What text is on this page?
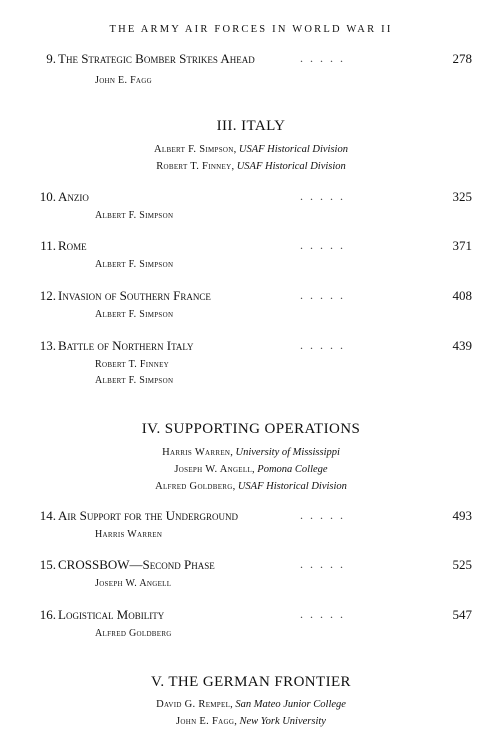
THE ARMY AIR FORCES IN WORLD WAR II
9. The Strategic Bomber Strikes Ahead	. . . . .	278
John E. Fagg
III. ITALY
Albert F. Simpson, USAF Historical Division
Robert T. Finney, USAF Historical Division
10. Anzio	. . . . .	325
Albert F. Simpson
11. Rome	. . . . .	371
Albert F. Simpson
12. Invasion of Southern France	. . . . .	408
Albert F. Simpson
13. Battle of Northern Italy	. . . . .	439
Robert T. Finney
Albert F. Simpson
IV. SUPPORTING OPERATIONS
Harris Warren, University of Mississippi
Joseph W. Angell, Pomona College
Alfred Goldberg, USAF Historical Division
14. Air Support for the Underground	. . . . .	493
Harris Warren
15. CROSSBOW—Second Phase	. . . . .	525
Joseph W. Angell
16. Logistical Mobility	. . . . .	547
Alfred Goldberg
V. THE GERMAN FRONTIER
David G. Rempel, San Mateo Junior College
John E. Fagg, New York University
